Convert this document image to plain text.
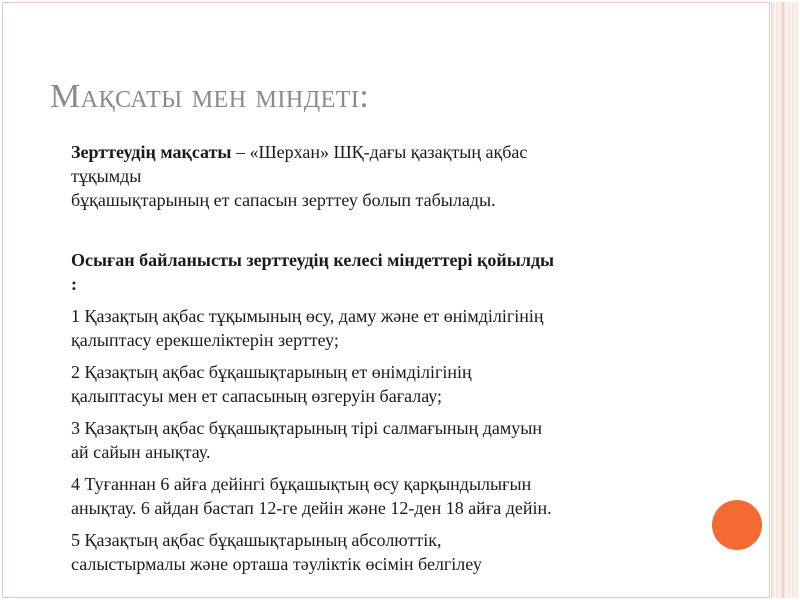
Мақсаты мен міндеті:
Зерттеудің мақсаты – «Шерхан» ШҚ-дағы қазақтың ақбас
тұқымды
бұқашықтарының ет сапасын зерттеу болып табылады.
Осыған байланысты зерттеудің келесі міндеттері қойылды
:
1 Қазақтың ақбас тұқымының өсу, даму және ет өнімділігінің
қалыптасу ерекшеліктерін зерттеу;
2 Қазақтың ақбас бұқашықтарының ет өнімділігінің
қалыптасуы мен ет сапасының өзгеруін бағалау;
3 Қазақтың ақбас бұқашықтарының тірі салмағының дамуын
ай сайын анықтау.
4 Туғаннан 6 айға дейінгі бұқашықтың өсу қарқындылығын
анықтау. 6 айдан бастап 12-ге дейін және 12-ден 18 айға дейін.
5 Қазақтың ақбас бұқашықтарының абсолюттік,
салыстырмалы және орташа тәуліктік өсімін белгілеу
